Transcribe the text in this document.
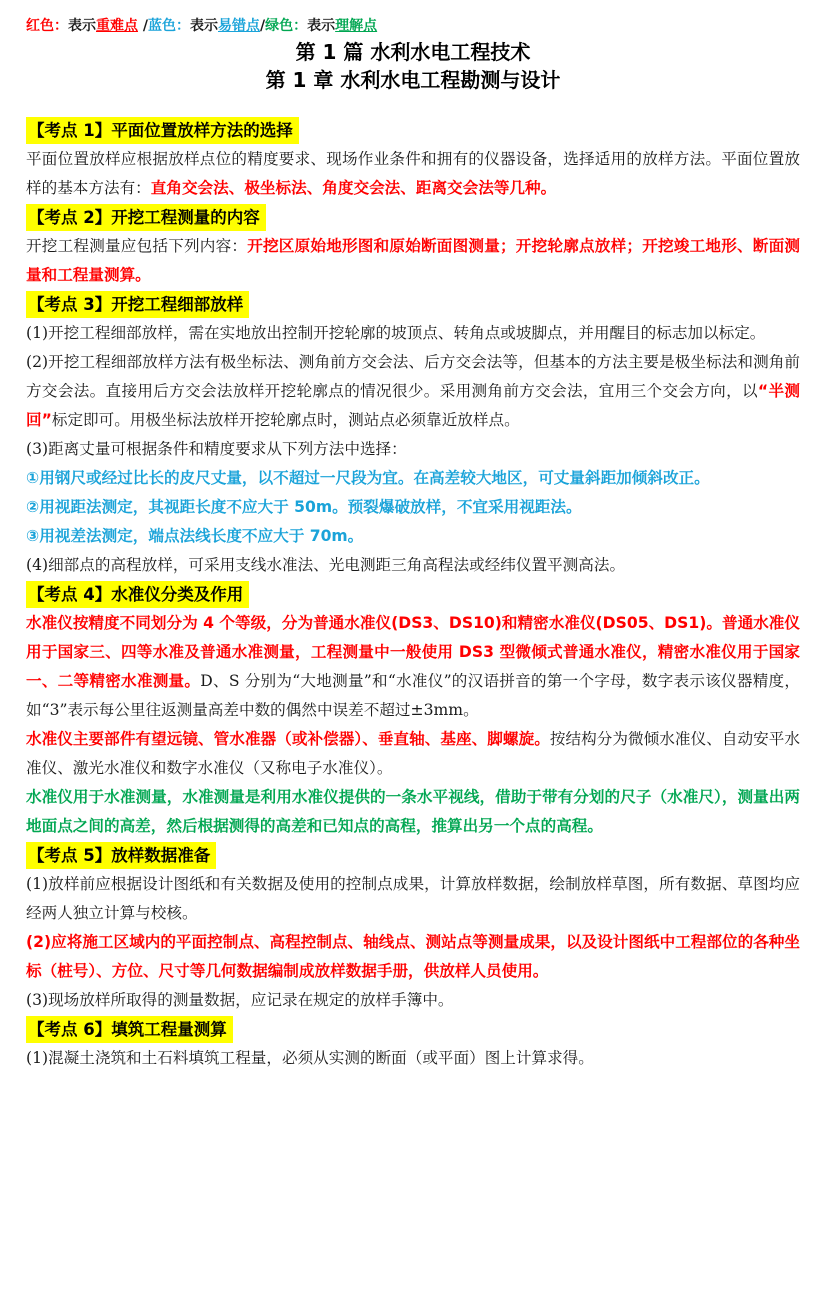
红色：表示重难点 /蓝色：表示易错点/绿色：表示理解点
第 1 篇 水利水电工程技术
第 1 章 水利水电工程勘测与设计
【考点 1】平面位置放样方法的选择

平面位置放样应根据放样点位的精度要求、现场作业条件和拥有的仪器设备，选择适用的放样方法。平面位置放样的基本方法有：直角交会法、极坐标法、角度交会法、距离交会法等几种。

【考点 2】开挖工程测量的内容

开挖工程测量应包括下列内容：开挖区原始地形图和原始断面图测量；开挖轮廓点放样；开挖竣工地形、断面测量和工程量测算。

【考点 3】开挖工程细部放样

(1)开挖工程细部放样，需在实地放出控制开挖轮廓的坡顶点、转角点或坡脚点，并用醒目的标志加以标定。

(2)开挖工程细部放样方法有极坐标法、测角前方交会法、后方交会法等，但基本的方法主要是极坐标法和测角前方交会法。直接用后方交会法放样开挖轮廓点的情况很少。采用测角前方交会法，宜用三个交会方向，以“半测回”标定即可。用极坐标法放样开挖轮廓点时，测站点必须靠近放样点。

(3)距离丈量可根据条件和精度要求从下列方法中选择：

①用钢尺或经过比长的皮尺丈量，以不超过一尺段为宜。在高差较大地区，可丈量斜距加倾斜改正。

②用视距法测定，其视距长度不应大于 50m。预裂爆破放样，不宜采用视距法。

③用视差法测定，端点法线长度不应大于 70m。

(4)细部点的高程放样，可采用支线水准法、光电测距三角高程法或经纬仪置平测高法。

【考点 4】水准仪分类及作用

水准仪按精度不同划分为 4 个等级，分为普通水准仪(DS3、DS10)和精密水准仪(DS05、DS1)。普通水准仪用于国家三、四等水准及普通水准测量，工程测量中一般使用 DS3 型微倾式普通水准仪，精密水准仪用于国家一、二等精密水准测量。D、S 分别为“大地测量”和“水准仪”的汉语拼音的第一个字母，数字表示该仪器精度，如“3”表示每公里往返测量高差中数的偶然中误差不超过±3mm。

水准仪主要部件有望远镜、管水准器（或补偿器）、垂直轴、基座、脚螺旋。按结构分为微倾水准仪、自动安平水准仪、激光水准仪和数字水准仪（又称电子水准仪）。

水准仪用于水准测量，水准测量是利用水准仪提供的一条水平视线，借助于带有分划的尺子（水准尺），测量出两地面点之间的高差，然后根据测得的高差和已知点的高程，推算出另一个点的高程。

【考点 5】放样数据准备

(1)放样前应根据设计图纸和有关数据及使用的控制点成果，计算放样数据，绘制放样草图，所有数据、草图均应经两人独立计算与校核。

(2)应将施工区域内的平面控制点、高程控制点、轴线点、测站点等测量成果，以及设计图纸中工程部位的各种坐标（桩号）、方位、尺寸等几何数据编制成放样数据手册，供放样人员使用。

(3)现场放样所取得的测量数据，应记录在规定的放样手簿中。

【考点 6】填筑工程量测算

(1)混凝土浇筑和土石料填筑工程量，必须从实测的断面（或平面）图上计算求得。
